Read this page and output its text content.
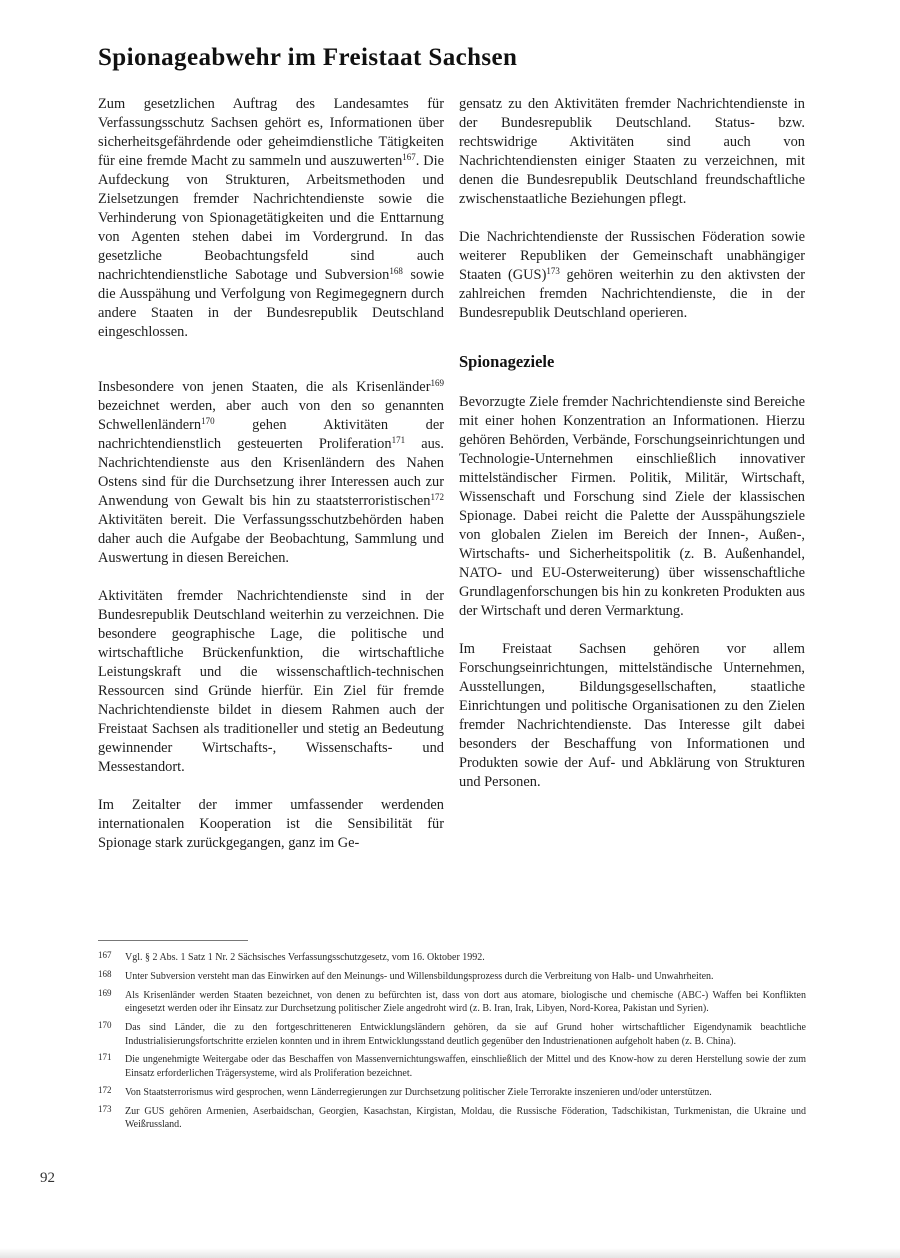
Spionageabwehr im Freistaat Sachsen

Zum gesetzlichen Auftrag des Landesamtes für Verfassungsschutz Sachsen gehört es, Informationen über sicherheitsgefährdende oder geheimdienstliche Tätigkeiten für eine fremde Macht zu sammeln und auszuwerten$^{167}$. Die Aufdeckung von Strukturen, Arbeitsmethoden und Zielsetzungen fremder Nachrichtendienste sowie die Verhinderung von Spionagetätigkeiten und die Enttarnung von Agenten stehen dabei im Vordergrund. In das gesetzliche Beobachtungsfeld sind auch nachrichtendienstliche Sabotage und Subversion$^{168}$ sowie die Ausspähung und Verfolgung von Regimegegnern durch andere Staaten in der Bundesrepublik Deutschland eingeschlossen.

Insbesondere von jenen Staaten, die als Krisenländer$^{169}$ bezeichnet werden, aber auch von den so genannten Schwellenländern$^{170}$ gehen Aktivitäten der nachrichtendienstlich gesteuerten Proliferation$^{171}$ aus. Nachrichtendienste aus den Krisenländern des Nahen Ostens sind für die Durchsetzung ihrer Interessen auch zur Anwendung von Gewalt bis hin zu staatsterroristischen$^{172}$ Aktivitäten bereit. Die Verfassungsschutzbehörden haben daher auch die Aufgabe der Beobachtung, Sammlung und Auswertung in diesen Bereichen.

Aktivitäten fremder Nachrichtendienste sind in der Bundesrepublik Deutschland weiterhin zu verzeichnen. Die besondere geographische Lage, die politische und wirtschaftliche Brückenfunktion, die wirtschaftliche Leistungskraft und die wissenschaftlich-technischen Ressourcen sind Gründe hierfür. Ein Ziel für fremde Nachrichtendienste bildet in diesem Rahmen auch der Freistaat Sachsen als traditioneller und stetig an Bedeutung gewinnender Wirtschafts-, Wissenschafts- und Messestandort.

Im Zeitalter der immer umfassender werdenden internationalen Kooperation ist die Sensibilität für Spionage stark zurückgegangen, ganz im Ge-

gensatz zu den Aktivitäten fremder Nachrichtendienste in der Bundesrepublik Deutschland. Status- bzw. rechtswidrige Aktivitäten sind auch von Nachrichtendiensten einiger Staaten zu verzeichnen, mit denen die Bundesrepublik Deutschland freundschaftliche zwischenstaatliche Beziehungen pflegt.

Die Nachrichtendienste der Russischen Föderation sowie weiterer Republiken der Gemeinschaft unabhängiger Staaten (GUS)$^{173}$ gehören weiterhin zu den aktivsten der zahlreichen fremden Nachrichtendienste, die in der Bundesrepublik Deutschland operieren.

Spionageziele

Bevorzugte Ziele fremder Nachrichtendienste sind Bereiche mit einer hohen Konzentration an Informationen. Hierzu gehören Behörden, Verbände, Forschungseinrichtungen und Technologie-Unternehmen einschließlich innovativer mittelständischer Firmen. Politik, Militär, Wirtschaft, Wissenschaft und Forschung sind Ziele der klassischen Spionage. Dabei reicht die Palette der Ausspähungsziele von globalen Zielen im Bereich der Innen-, Außen-, Wirtschafts- und Sicherheitspolitik (z. B. Außenhandel, NATO- und EU-Osterweiterung) über wissenschaftliche Grundlagenforschungen bis hin zu konkreten Produkten aus der Wirtschaft und deren Vermarktung.

Im Freistaat Sachsen gehören vor allem Forschungseinrichtungen, mittelständische Unternehmen, Ausstellungen, Bildungsgesellschaften, staatliche Einrichtungen und politische Organisationen zu den Zielen fremder Nachrichtendienste. Das Interesse gilt dabei besonders der Beschaffung von Informationen und Produkten sowie der Auf- und Abklärung von Strukturen und Personen.

167 Vgl. § 2 Abs. 1 Satz 1 Nr. 2 Sächsisches Verfassungsschutzgesetz, vom 16. Oktober 1992.
168 Unter Subversion versteht man das Einwirken auf den Meinungs- und Willensbildungsprozess durch die Verbreitung von Halb- und Unwahrheiten.
169 Als Krisenländer werden Staaten bezeichnet, von denen zu befürchten ist, dass von dort aus atomare, biologische und chemische (ABC-) Waffen bei Konflikten eingesetzt werden oder ihr Einsatz zur Durchsetzung politischer Ziele angedroht wird (z. B. Iran, Irak, Libyen, Nord-Korea, Pakistan und Syrien).
170 Das sind Länder, die zu den fortgeschritteneren Entwicklungsländern gehören, da sie auf Grund hoher wirtschaftlicher Eigendynamik beachtliche Industrialisierungsfortschritte erzielen konnten und in ihrem Entwicklungsstand deutlich gegenüber den Industrienationen aufgeholt haben (z. B. China).
171 Die ungenehmigte Weitergabe oder das Beschaffen von Massenvernichtungswaffen, einschließlich der Mittel und des Know-how zu deren Herstellung sowie der zum Einsatz erforderlichen Trägersysteme, wird als Proliferation bezeichnet.
172 Von Staatsterrorismus wird gesprochen, wenn Länderregierungen zur Durchsetzung politischer Ziele Terrorakte inszenieren und/oder unterstützen.
173 Zur GUS gehören Armenien, Aserbaidschan, Georgien, Kasachstan, Kirgistan, Moldau, die Russische Föderation, Tadschikistan, Turkmenistan, die Ukraine und Weißrussland.
92
